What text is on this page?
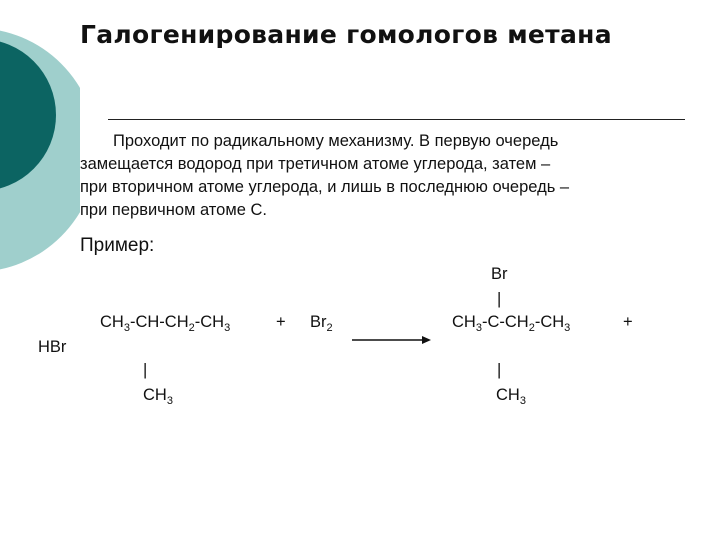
Галогенирование гомологов метана

Проходит по радикальному механизму. В первую очередь

замещается водород при третичном атоме углерода, затем –

при вторичном атоме углерода, и лишь в последнюю очередь –

при первичном атоме С.

Пример:
$CH_3-CH-CH_2-CH_3$
|
$CH_3$
+ $Br_2$
Br
|
$CH_3-C-CH_2-CH_3$
|
$CH_3$
+
HBr
